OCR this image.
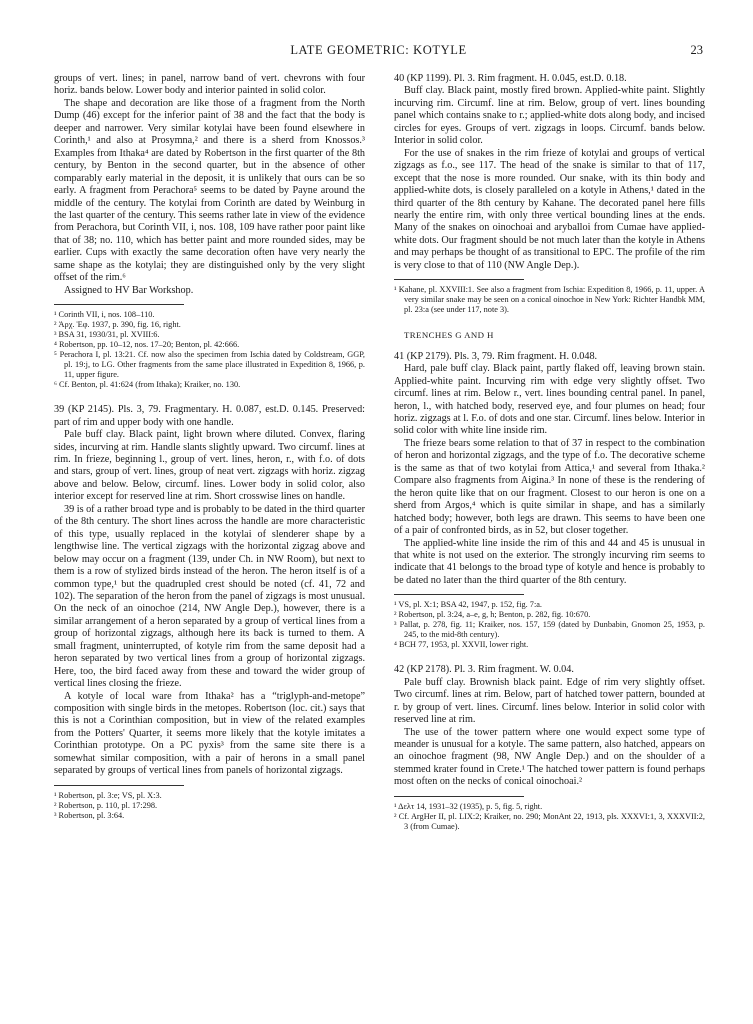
LATE GEOMETRIC: KOTYLE	23

groups of vert. lines; in panel, narrow band of vert. chevrons with four horiz. bands below. Lower body and interior painted in solid color.

The shape and decoration are like those of a fragment from the North Dump (46) except for the inferior paint of 38 and the fact that the body is deeper and narrower. Very similar kotylai have been found elsewhere in Corinth,¹ and also at Prosymna,² and there is a sherd from Knossos.³ Examples from Ithaka⁴ are dated by Robertson in the first quarter of the 8th century, by Benton in the second quarter, but in the absence of other comparably early material in the deposit, it is unlikely that ours can be so early. A fragment from Perachora⁵ seems to be dated by Payne around the middle of the century. The kotylai from Corinth are dated by Weinburg in the last quarter of the century. This seems rather late in view of the evidence from Perachora, but Corinth VII, i, nos. 108, 109 have rather poor paint like that of 38; no. 110, which has better paint and more rounded sides, may be earlier. Cups with exactly the same decoration often have very nearly the same shape as the kotylai; they are distinguished only by the very slight offset of the rim.⁶

Assigned to HV Bar Workshop.

¹ Corinth VII, i, nos. 108–110.

² Ἀρχ. Ἐφ. 1937, p. 390, fig. 16, right.

³ BSA 31, 1930/31, pl. XVIII:6.

⁴ Robertson, pp. 10–12, nos. 17–20; Benton, pl. 42:666.

⁵ Perachora I, pl. 13:21. Cf. now also the specimen from Ischia dated by Coldstream, GGP, pl. 19:j, to LG. Other fragments from the same place illustrated in Expedition 8, 1966, p. 11, upper figure.

⁶ Cf. Benton, pl. 41:624 (from Ithaka); Kraiker, no. 130.

39 (KP 2145). Pls. 3, 79. Fragmentary. H. 0.087, est.D. 0.145. Preserved: part of rim and upper body with one handle.

Pale buff clay. Black paint, light brown where diluted. Convex, flaring sides, incurving at rim. Handle slants slightly upward. Two circumf. lines at rim. In frieze, beginning l., group of vert. lines, heron, r., with f.o. of dots and stars, group of vert. lines, group of neat vert. zigzags with horiz. zigzag above and below. Below, circumf. lines. Lower body in solid color, also interior except for reserved line at rim. Short crosswise lines on handle.

39 is of a rather broad type and is probably to be dated in the third quarter of the 8th century. The short lines across the handle are more characteristic of this type, usually replaced in the kotylai of slenderer shape by a lengthwise line. The vertical zigzags with the horizontal zigzag above and below may occur on a fragment (139, under Ch. in NW Room), but next to them is a row of stylized birds instead of the heron. The heron itself is of a common type,¹ but the quadrupled crest should be noted (cf. 41, 72 and 102). The separation of the heron from the panel of zigzags is most unusual. On the neck of an oinochoe (214, NW Angle Dep.), however, there is a similar arrangement of a heron separated by a group of vertical lines from a group of horizontal zigzags, although here its back is turned to them. A small fragment, uninterrupted, of kotyle rim from the same deposit had a heron separated by two vertical lines from a group of horizontal zigzags. Here, too, the bird faced away from these and toward the wider group of vertical lines closing the frieze.

A kotyle of local ware from Ithaka² has a “triglyph-and-metope” composition with single birds in the metopes. Robertson (loc. cit.) says that this is not a Corinthian composition, but in view of the related examples from the Potters' Quarter, it seems more likely that the kotyle imitates a Corinthian prototype. On a PC pyxis³ from the same site there is a somewhat similar composition, with a pair of herons in a small panel separated by groups of vertical lines from panels of horizontal zigzags.

¹ Robertson, pl. 3:e; VS, pl. X:3.

² Robertson, p. 110, pl. 17:298.

³ Robertson, pl. 3:64.

40 (KP 1199). Pl. 3. Rim fragment. H. 0.045, est.D. 0.18.

Buff clay. Black paint, mostly fired brown. Applied-white paint. Slightly incurving rim. Circumf. line at rim. Below, group of vert. lines bounding panel which contains snake to r.; applied-white dots along body, and incised circles for eyes. Groups of vert. zigzags in loops. Circumf. bands below. Interior in solid color.

For the use of snakes in the rim frieze of kotylai and groups of vertical zigzags as f.o., see 117. The head of the snake is similar to that of 117, except that the nose is more rounded. Our snake, with its thin body and applied-white dots, is closely paralleled on a kotyle in Athens,¹ dated in the third quarter of the 8th century by Kahane. The decorated panel here fills nearly the entire rim, with only three vertical bounding lines at the ends. Many of the snakes on oinochoai and aryballoi from Cumae have applied-white dots. Our fragment should be not much later than the kotyle in Athens and may perhaps be thought of as transitional to EPC. The profile of the rim is very close to that of 110 (NW Angle Dep.).

¹ Kahane, pl. XXVIII:1. See also a fragment from Ischia: Expedition 8, 1966, p. 11, upper. A very similar snake may be seen on a conical oinochoe in New York: Richter Handbk MM, pl. 23:a (see under 117, note 3).

TRENCHES G AND H

41 (KP 2179). Pls. 3, 79. Rim fragment. H. 0.048.

Hard, pale buff clay. Black paint, partly flaked off, leaving brown stain. Applied-white paint. Incurving rim with edge very slightly offset. Two circumf. lines at rim. Below r., vert. lines bounding central panel. In panel, heron, l., with hatched body, reserved eye, and four plumes on head; four horiz. zigzags at l. F.o. of dots and one star. Circumf. lines below. Interior in solid color with white line inside rim.

The frieze bears some relation to that of 37 in respect to the combination of heron and horizontal zigzags, and the type of f.o. The decorative scheme is the same as that of two kotylai from Attica,¹ and several from Ithaka.² Compare also fragments from Aigina.³ In none of these is the rendering of the heron quite like that on our fragment. Closest to our heron is one on a sherd from Argos,⁴ which is quite similar in shape, and has a similarly hatched body; however, both legs are drawn. This seems to have been one of a pair of confronted birds, as in 52, but closer together.

The applied-white line inside the rim of this and 44 and 45 is unusual in that white is not used on the exterior. The strongly incurving rim seems to indicate that 41 belongs to the broad type of kotyle and hence is probably to be dated no later than the third quarter of the 8th century.

¹ VS, pl. X:1; BSA 42, 1947, p. 152, fig. 7:a.

² Robertson, pl. 3:24, a–e, g, h; Benton, p. 282, fig. 10:670.

³ Pallat, p. 278, fig. 11; Kraiker, nos. 157, 159 (dated by Dunbabin, Gnomon 25, 1953, p. 245, to the mid-8th century).

⁴ BCH 77, 1953, pl. XXVII, lower right.

42 (KP 2178). Pl. 3. Rim fragment. W. 0.04.

Pale buff clay. Brownish black paint. Edge of rim very slightly offset. Two circumf. lines at rim. Below, part of hatched tower pattern, bounded at r. by group of vert. lines. Circumf. lines below. Interior in solid color with reserved line at rim.

The use of the tower pattern where one would expect some type of meander is unusual for a kotyle. The same pattern, also hatched, appears on an oinochoe fragment (98, NW Angle Dep.) and on the shoulder of a stemmed krater found in Crete.¹ The hatched tower pattern is found perhaps most often on the necks of conical oinochoai.²

¹ Δελτ 14, 1931–32 (1935), p. 5, fig. 5, right.

² Cf. ArgHer II, pl. LIX:2; Kraiker, no. 290; MonAnt 22, 1913, pls. XXXVI:1, 3, XXXVII:2, 3 (from Cumae).
